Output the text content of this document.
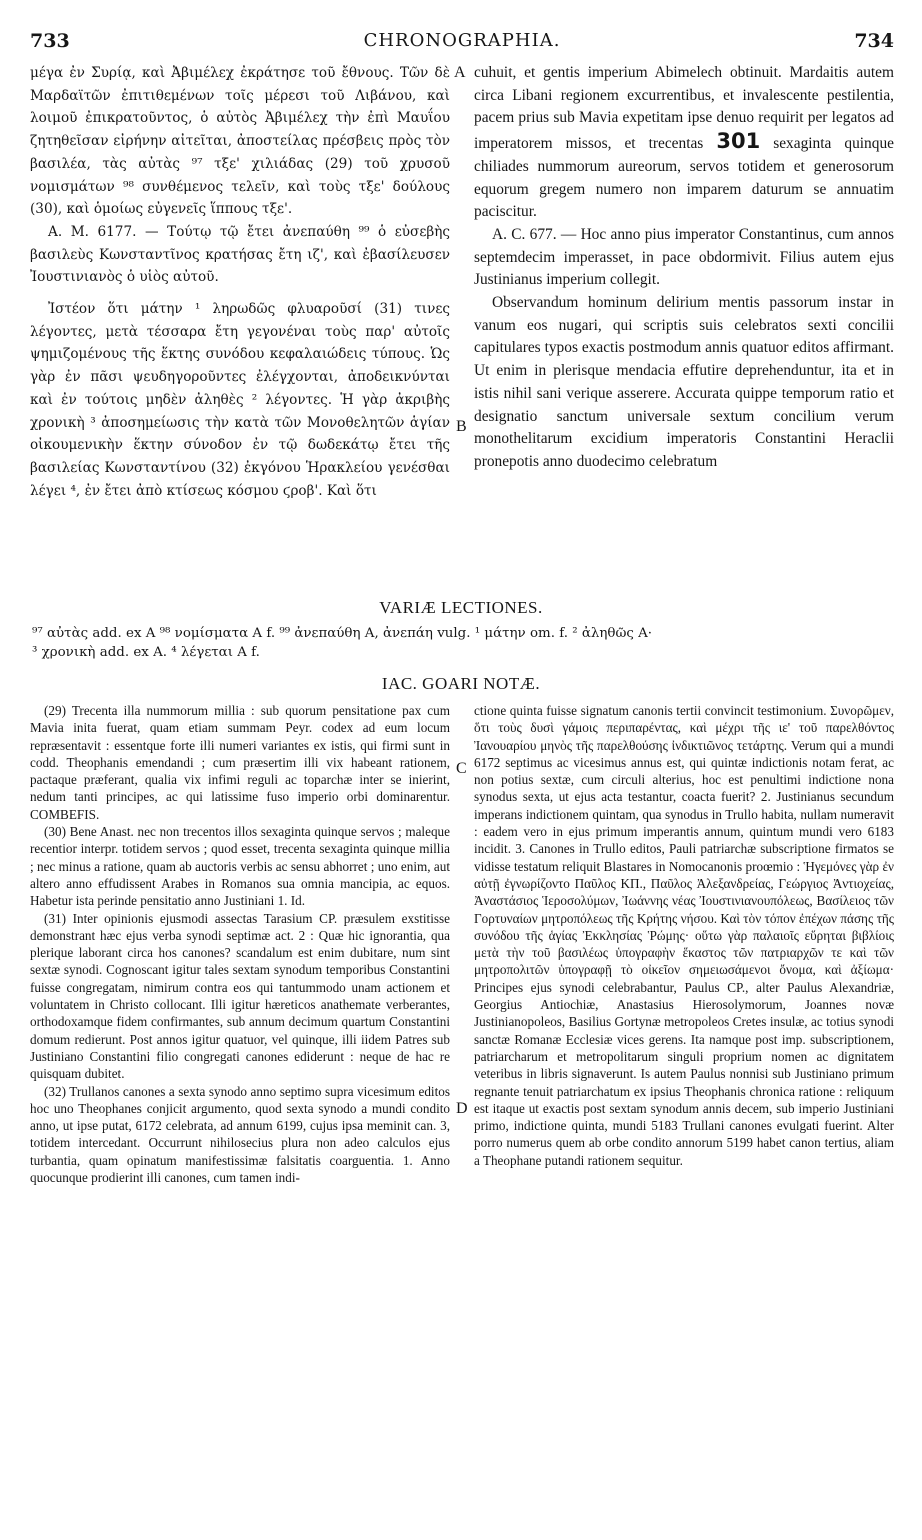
733	CHRONOGRAPHIA.	734

μέγα ἐν Συρίᾳ, καὶ Ἀβιμέλεχ ἐκράτησε τοῦ ἔθνους. Τῶν δὲ Μαρδαϊτῶν ἐπιτιθεμένων τοῖς μέρεσι τοῦ Λιβάνου, καὶ λοιμοῦ ἐπικρατοῦντος, ὁ αὐτὸς Ἀβιμέλεχ τὴν ἐπὶ Μαυΐου ζητηθεῖσαν εἰρήνην αἰτεῖται, ἀποστείλας πρέσβεις πρὸς τὸν βασιλέα, τὰς αὐτὰς ⁹⁷ τξε' χιλιάδας (29) τοῦ χρυσοῦ νομισμάτων ⁹⁸ συνθέμενος τελεῖν, καὶ τοὺς τξε' δούλους (30), καὶ ὁμοίως εὐγενεῖς ἵππους τξε'.

A. M. 6177. — Τούτῳ τῷ ἔτει ἀνεπαύθη ⁹⁹ ὁ εὐσεβὴς βασιλεὺς Κωνσταντῖνος κρατήσας ἔτη ιζ', καὶ ἐβασίλευσεν Ἰουστινιανὸς ὁ υἱὸς αὐτοῦ.

Ἰστέον ὅτι μάτην ¹ ληρωδῶς φλυαροῦσί (31) τινες λέγοντες, μετὰ τέσσαρα ἔτη γεγονέναι τοὺς παρ' αὐτοῖς ψημιζομένους τῆς ἕκτης συνόδου κεφαλαιώδεις τύπους. Ὡς γὰρ ἐν πᾶσι ψευδηγοροῦντες ἐλέγχονται, ἀποδεικνύνται καὶ ἐν τούτοις μηδὲν ἀληθὲς ² λέγοντες. Ἡ γὰρ ἀκριβὴς χρονικὴ ³ ἀποσημείωσις τὴν κατὰ τῶν Μονοθελητῶν ἁγίαν οἰκουμενικὴν ἕκτην σύνοδον ἐν τῷ δωδεκάτῳ ἔτει τῆς βασιλείας Κωνσταντίνου (32) ἐκγόνου Ἡρακλείου γενέσθαι λέγει ⁴, ἐν ἔτει ἀπὸ κτίσεως κόσμου ϛροβ'. Καὶ ὅτι

cuhuit, et gentis imperium Abimelech obtinuit. Mardaitis autem circa Libani regionem excurrentibus, et invalescente pestilentia, pacem prius sub Mavia expetitam ipse denuo requirit per legatos ad imperatorem missos, et trecentas 301 sexaginta quinque chiliades nummorum aureorum, servos totidem et generosorum equorum gregem numero non imparem daturum se annuatim paciscitur.

A. C. 677. — Hoc anno pius imperator Constantinus, cum annos septemdecim imperasset, in pace obdormivit. Filius autem ejus Justinianus imperium collegit.

Observandum hominum delirium mentis passorum instar in vanum eos nugari, qui scriptis suis celebratos sexti concilii capitulares typos exactis postmodum annis quatuor editos affirmant. Ut enim in plerisque mendacia effutire deprehenduntur, ita et in istis nihil sani verique asserere. Accurata quippe temporum ratio et designatio sanctum universale sextum concilium verum monothelitarum excidium imperatoris Constantini Heraclii pronepotis anno duodecimo celebratum

A
B
C
D
VARIÆ LECTIONES.
⁹⁷ αὐτὰς add. ex A ⁹⁸ νομίσματα A f. ⁹⁹ ἀνεπαύθη A, ἀνεπάη vulg. ¹ μάτην om. f. ² ἀληθῶς A·
³ χρονικὴ add. ex A. ⁴ λέγεται A f.
IAC. GOARI NOTÆ.

(29) Trecenta illa nummorum millia : sub quorum pensitatione pax cum Mavia inita fuerat, quam etiam summam Peyr. codex ad eum locum repræsentavit : essentque forte illi numeri variantes ex istis, qui firmi sunt in codd. Theophanis emendandi ; cum præsertim illi vix habeant rationem, pactaque præferant, qualia vix infimi reguli ac toparchæ inter se inierint, nedum tanti principes, ac qui latissime fuso imperio orbi dominarentur. COMBEFIS.

(30) Bene Anast. nec non trecentos illos sexaginta quinque servos ; maleque recentior interpr. totidem servos ; quod esset, trecenta sexaginta quinque millia ; nec minus a ratione, quam ab auctoris verbis ac sensu abhorret ; uno enim, aut altero anno effudissent Arabes in Romanos sua omnia mancipia, ac equos. Habetur ista perinde pensitatio anno Justiniani 1. Id.

(31) Inter opinionis ejusmodi assectas Tarasium CP. præsulem exstitisse demonstrant hæc ejus verba synodi septimæ act. 2 : Quæ hic ignorantia, qua plerique laborant circa hos canones? scandalum est enim dubitare, num sint sextæ synodi. Cognoscant igitur tales sextam synodum temporibus Constantini fuisse congregatam, nimirum contra eos qui tantummodo unam actionem et voluntatem in Christo collocant. Illi igitur hæreticos anathemate verberantes, orthodoxamque fidem confirmantes, sub annum decimum quartum Constantini domum redierunt. Post annos igitur quatuor, vel quinque, illi iidem Patres sub Justiniano Constantini filio congregati canones ediderunt : neque de hac re quisquam dubitet.

(32) Trullanos canones a sexta synodo anno septimo supra vicesimum editos hoc uno Theophanes conjicit argumento, quod sexta synodo a mundi condito anno, ut ipse putat, 6172 celebrata, ad annum 6199, cujus ipsa meminit can. 3, totidem intercedant. Occurrunt nihilosecius plura non adeo calculos ejus turbantia, quam opinatum manifestissimæ falsitatis coarguentia. 1. Anno quocunque prodierint illi canones, cum tamen indi-

ctione quinta fuisse signatum canonis tertii convincit testimonium. Συνορῶμεν, ὅτι τοὺς δυσὶ γάμοις περιπαρέντας, καὶ μέχρι τῆς ιε' τοῦ παρελθόντος Ἰανουαρίου μηνὸς τῆς παρελθούσης ἰνδικτιῶνος τετάρτης. Verum qui a mundi 6172 septimus ac vicesimus annus est, qui quintæ indictionis notam ferat, ac non potius sextæ, cum circuli alterius, hoc est penultimi indictione nona synodus sexta, ut ejus acta testantur, coacta fuerit? 2. Justinianus secundum imperans indictionem quintam, qua synodus in Trullo habita, nullam numeravit : eadem vero in ejus primum imperantis annum, quintum mundi vero 6183 incidit. 3. Canones in Trullo editos, Pauli patriarchæ subscriptione firmatos se vidisse testatum reliquit Blastares in Nomocanonis proœmio : Ἡγεμόνες γὰρ ἐν αὐτῇ ἐγνωρίζοντο Παῦλος ΚΠ., Παῦλος Ἀλεξανδρείας, Γεώργιος Ἀντιοχείας, Ἀναστάσιος Ἱεροσολύμων, Ἰωάννης νέας Ἰουστινιανουπόλεως, Βασίλειος τῶν Γορτυναίων μητροπόλεως τῆς Κρήτης νήσου. Καὶ τὸν τόπον ἐπέχων πάσης τῆς συνόδου τῆς ἁγίας Ἐκκλησίας Ῥώμης· οὕτω γὰρ παλαιοῖς εὕρηται βιβλίοις μετὰ τὴν τοῦ βασιλέως ὑπογραφὴν ἕκαστος τῶν πατριαρχῶν τε καὶ τῶν μητροπολιτῶν ὑπογραφῇ τὸ οἰκεῖον σημειωσάμενοι ὄνομα, καὶ ἀξίωμα· Principes ejus synodi celebrabantur, Paulus CP., alter Paulus Alexandriæ, Georgius Antiochiæ, Anastasius Hierosolymorum, Joannes novæ Justinianopoleos, Basilius Gortynæ metropoleos Cretes insulæ, ac totius synodi sanctæ Romanæ Ecclesiæ vices gerens. Ita namque post imp. subscriptionem, patriarcharum et metropolitarum singuli proprium nomen ac dignitatem veteribus in libris signaverunt. Is autem Paulus nonnisi sub Justiniano primum regnante tenuit patriarchatum ex ipsius Theophanis chronica ratione : reliquum est itaque ut exactis post sextam synodum annis decem, sub imperio Justiniani primo, indictione quinta, mundi 5183 Trullani canones evulgati fuerint. Alter porro numerus quem ab orbe condito annorum 5199 habet canon tertius, aliam a Theophane putandi rationem sequitur.
